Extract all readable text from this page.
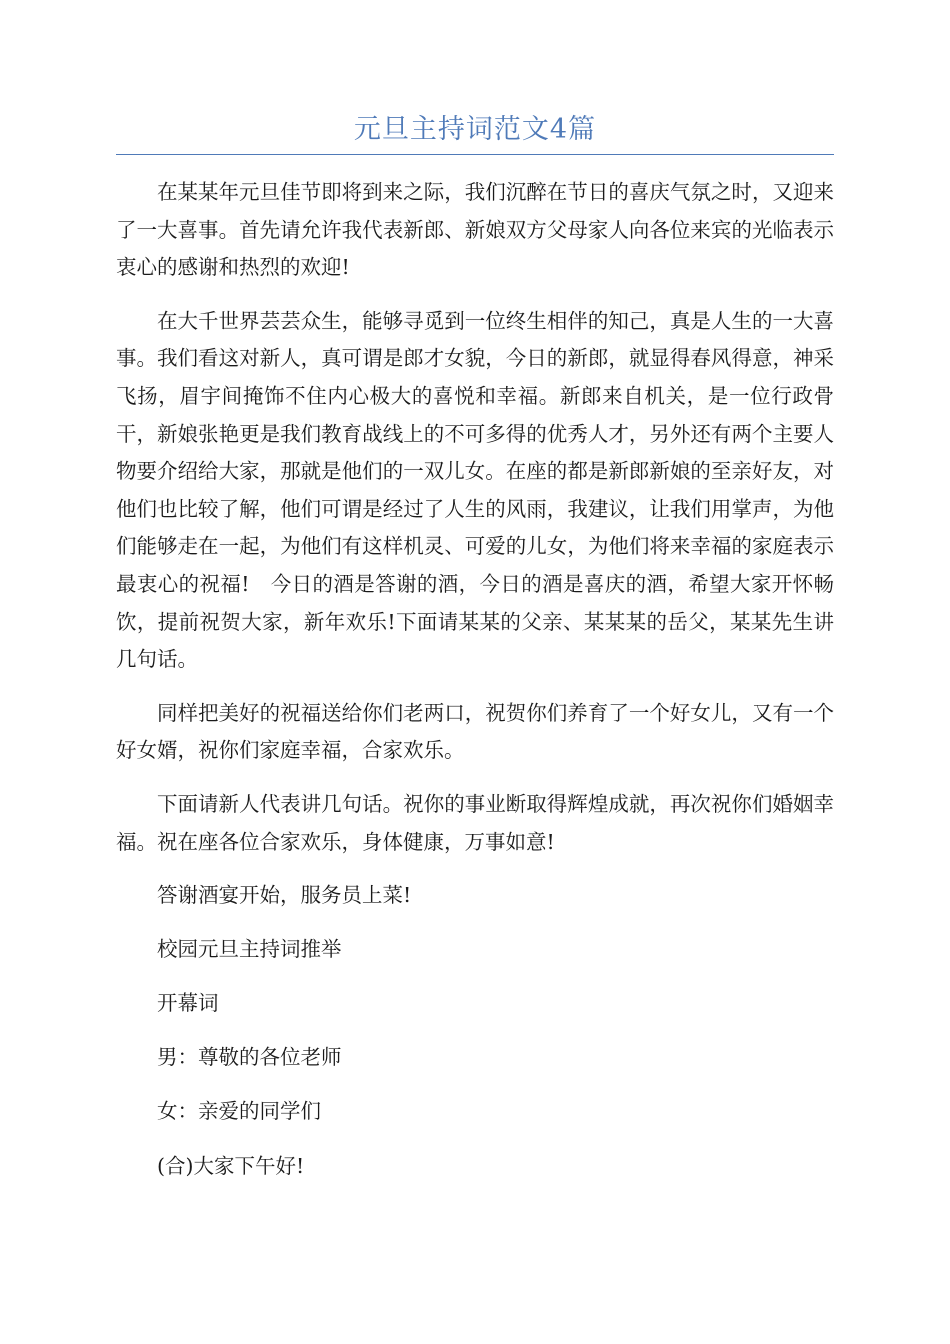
元旦主持词范文4篇

在某某年元旦佳节即将到来之际，我们沉醉在节日的喜庆气氛之时，又迎来了一大喜事。首先请允许我代表新郎、新娘双方父母家人向各位来宾的光临表示衷心的感谢和热烈的欢迎!

在大千世界芸芸众生，能够寻觅到一位终生相伴的知己，真是人生的一大喜事。我们看这对新人，真可谓是郎才女貌，今日的新郎，就显得春风得意，神采飞扬，眉宇间掩饰不住内心极大的喜悦和幸福。新郎来自机关，是一位行政骨干，新娘张艳更是我们教育战线上的不可多得的优秀人才，另外还有两个主要人物要介绍给大家，那就是他们的一双儿女。在座的都是新郎新娘的至亲好友，对他们也比较了解，他们可谓是经过了人生的风雨，我建议，让我们用掌声，为他们能够走在一起，为他们有这样机灵、可爱的儿女，为他们将来幸福的家庭表示最衷心的祝福!　今日的酒是答谢的酒，今日的酒是喜庆的酒，希望大家开怀畅饮，提前祝贺大家，新年欢乐!下面请某某的父亲、某某某的岳父，某某先生讲几句话。

同样把美好的祝福送给你们老两口，祝贺你们养育了一个好女儿，又有一个好女婿，祝你们家庭幸福，合家欢乐。

下面请新人代表讲几句话。祝你的事业断取得辉煌成就，再次祝你们婚姻幸福。祝在座各位合家欢乐，身体健康，万事如意!

答谢酒宴开始，服务员上菜!

校园元旦主持词推举

开幕词

男：尊敬的各位老师

女：亲爱的同学们

(合)大家下午好!
